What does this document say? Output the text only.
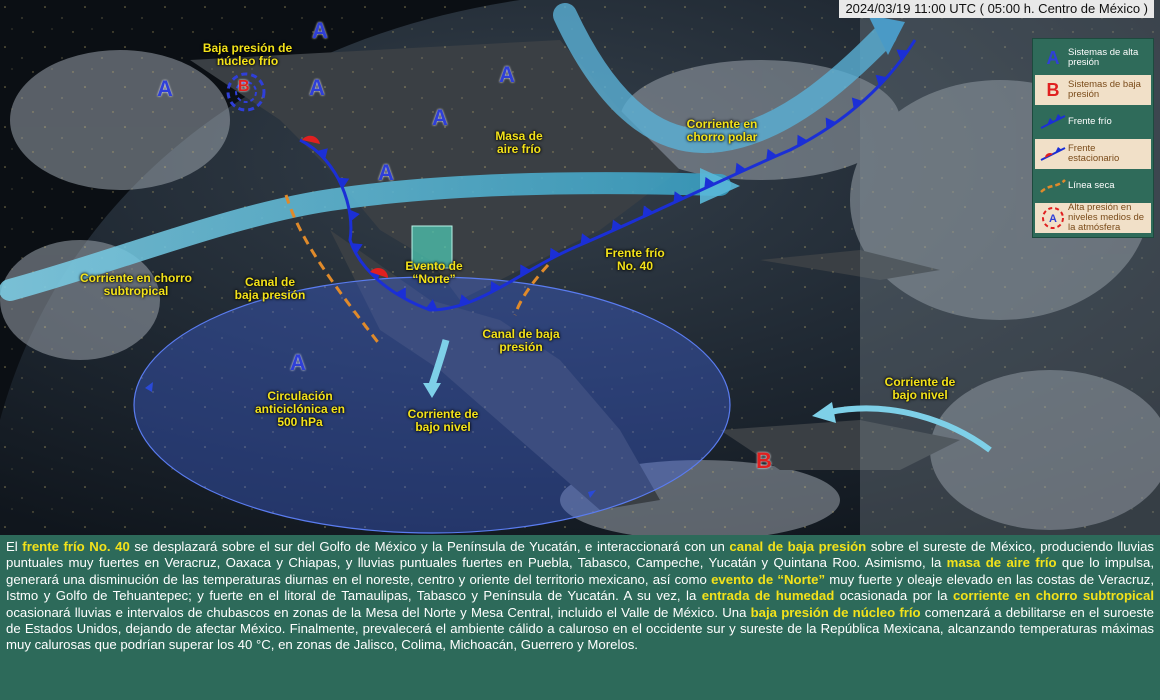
A
A	A
A
A
A
A
B
B
Baja presión de núcleo frío
Masa de aire frío
Corriente en chorro polar
Corriente en chorro subtropical
Canal de baja presión
Evento de “Norte”
Frente frío No. 40
Canal de baja presión
Circulación anticiclónica en 500 hPa
Corriente de bajo nivel
Corriente de bajo nivel
2024/03/19 11:00 UTC ( 05:00 h. Centro de México )
A Sistemas de alta presión
B Sistemas de baja presión
Frente frío
Frente estacionario
Línea seca
A
Alta presión en niveles medios de la atmósfera
El frente frío No. 40 se desplazará sobre el sur del Golfo de México y la Península de Yucatán, e interaccionará con un canal de baja presión sobre el sureste de México, produciendo lluvias puntuales muy fuertes en Veracruz, Oaxaca y Chiapas, y lluvias puntuales fuertes en Puebla, Tabasco, Campeche, Yucatán y Quintana Roo. Asimismo, la masa de aire frío que lo impulsa, generará una disminución de las temperaturas diurnas en el noreste, centro y oriente del territorio mexicano, así como evento de “Norte” muy fuerte y oleaje elevado en las costas de Veracruz, Istmo y Golfo de Tehuantepec; y fuerte en el litoral de Tamaulipas, Tabasco y Península de Yucatán. A su vez, la entrada de humedad ocasionada por la corriente en chorro subtropical ocasionará lluvias e intervalos de chubascos en zonas de la Mesa del Norte y Mesa Central, incluido el Valle de México. Una baja presión de núcleo frío comenzará a debilitarse en el suroeste de Estados Unidos, dejando de afectar México. Finalmente, prevalecerá el ambiente cálido a caluroso en el occidente sur y sureste de la República Mexicana, alcanzando temperaturas máximas muy calurosas que podrían superar los 40 °C, en zonas de Jalisco, Colima, Michoacán, Guerrero y Morelos.
